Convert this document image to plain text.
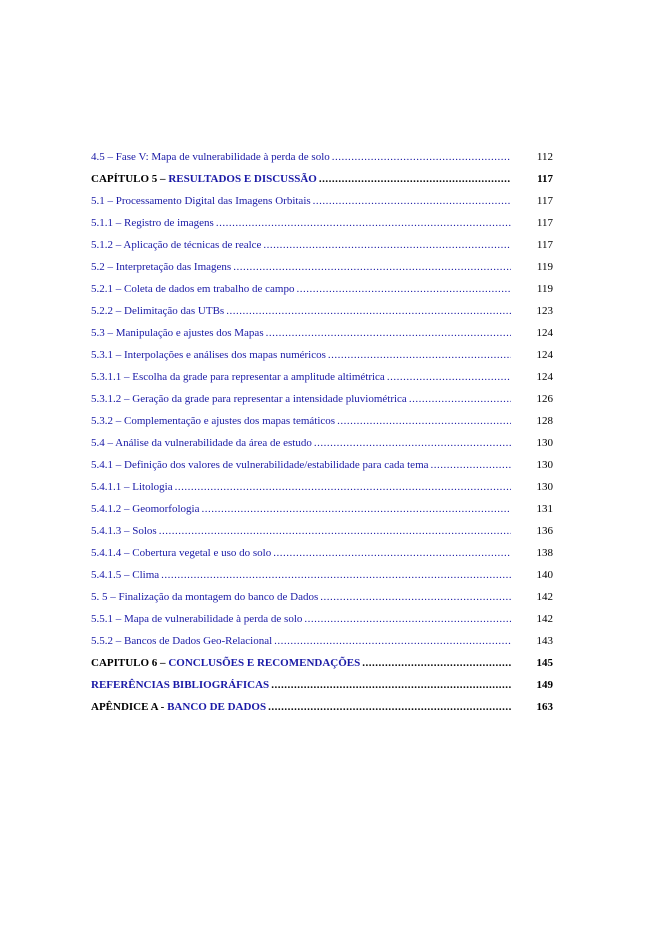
4.5 – Fase V: Mapa de vulnerabilidade à perda de solo .....	112
CAPÍTULO 5 – RESULTADOS E DISCUSSÃO .....	117
5.1 – Processamento Digital das Imagens Orbitais .....	117
5.1.1 – Registro de imagens .....	117
5.1.2 – Aplicação de técnicas de realce .....	117
5.2 – Interpretação das Imagens .....	119
5.2.1 – Coleta de dados em trabalho de campo .....	119
5.2.2 – Delimitação das UTBs .....	123
5.3 – Manipulação e ajustes dos Mapas .....	124
5.3.1 – Interpolações e análises dos mapas numéricos .....	124
5.3.1.1 – Escolha da grade para representar a amplitude altimétrica .....	124
5.3.1.2 – Geração da grade para representar a intensidade pluviométrica .....	126
5.3.2 – Complementação e ajustes dos mapas temáticos .....	128
5.4 – Análise da vulnerabilidade da área de estudo .....	130
5.4.1 – Definição dos valores de vulnerabilidade/estabilidade para cada tema .....	130
5.4.1.1 – Litologia .....	130
5.4.1.2 – Geomorfologia .....	131
5.4.1.3 – Solos .....	136
5.4.1.4 – Cobertura vegetal e uso do solo .....	138
5.4.1.5 – Clima .....	140
5. 5 – Finalização da montagem do banco de Dados .....	142
5.5.1 – Mapa de vulnerabilidade à perda de solo .....	142
5.5.2 – Bancos de Dados Geo-Relacional .....	143
CAPITULO 6 – CONCLUSÕES E RECOMENDAÇÕES .....	145
REFERÊNCIAS BIBLIOGRÁFICAS .....	149
APÊNDICE A - BANCO DE DADOS .....	163
